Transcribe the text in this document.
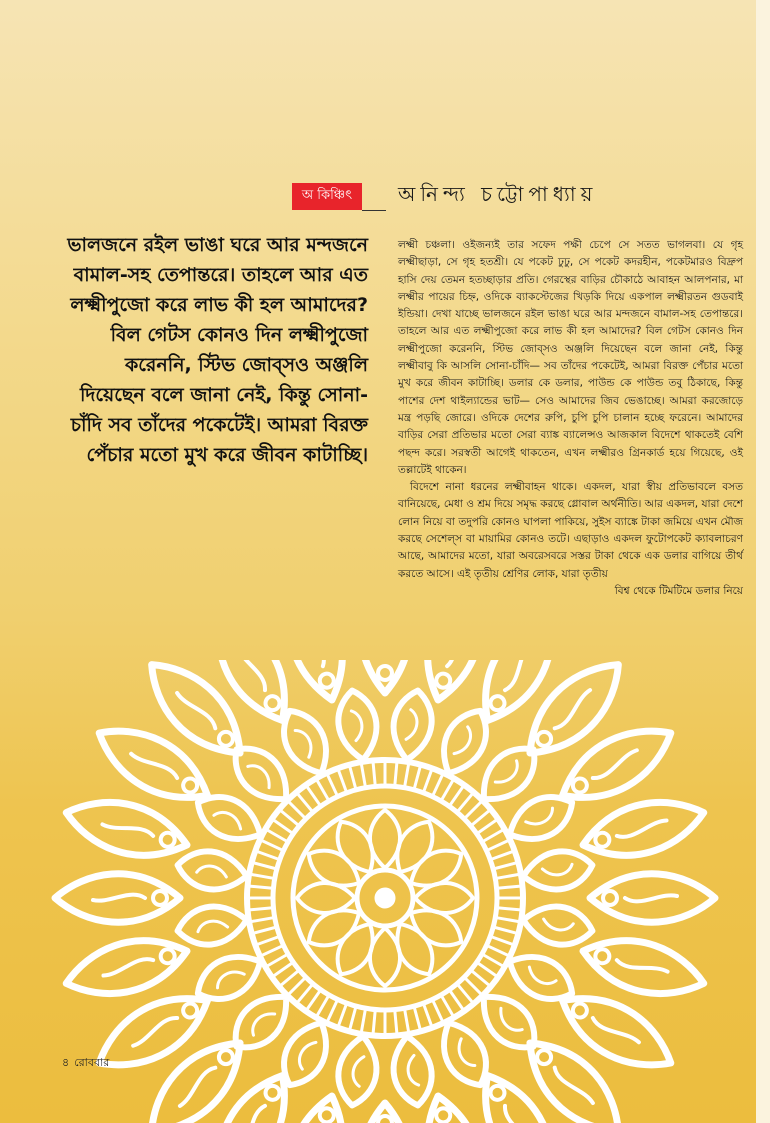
অ কিঞ্চিৎ	অনিন্দ্য চট্টোপাধ্যায়
ভালজনে রইল ভাঙা ঘরে আর মন্দজনে বামাল-সহ তেপান্তরে। তাহলে আর এত লক্ষ্মীপুজো করে লাভ কী হল আমাদের? বিল গেটস কোনও দিন লক্ষ্মীপুজো করেননি, স্টিভ জোব্‌সও অঞ্জলি দিয়েছেন বলে জানা নেই, কিন্তু সোনা-চাঁদি সব তাঁদের পকেটেই। আমরা বিরক্ত পেঁচার মতো মুখ করে জীবন কাটাচ্ছি।

লক্ষ্মী চঞ্চলা। ওইজন্যই তার সফেদ পক্ষী চেপে সে সতত ভাগলবা। যে গৃহ লক্ষ্মীছাড়া, সে গৃহ হতশ্রী। যে পকেট ঢুঢু, সে পকেট কদরহীন, পকেটমারও বিদ্রুপ হাসি দেয় তেমন হতচ্ছাড়ার প্রতি। গেরস্থের বাড়ির চৌকাঠে আবাহন আলপনার, মা লক্ষ্মীর পায়ের চিহ্ন, ওদিকে ব্যাকস্টেজের খিড়কি দিয়ে একপাল লক্ষ্মীরতন গুডবাই ইন্ডিয়া। দেখা যাচ্ছে ভালজনে রইল ভাঙা ঘরে আর মন্দজনে বামাল-সহ তেপান্তরে। তাহলে আর এত লক্ষ্মীপুজো করে লাভ কী হল আমাদের? বিল গেটস কোনও দিন লক্ষ্মীপুজো করেননি, স্টিভ জোব্‌সও অঞ্জলি দিয়েছেন বলে জানা নেই, কিন্তু লক্ষ্মীবাবু কি আসলি সোনা-চাঁদি— সব তাঁদের পকেটেই, আমরা বিরক্ত পেঁচার মতো মুখ করে জীবন কাটাচ্ছি। ডলার কে ডলার, পাউন্ড কে পাউন্ড তবু ঠিকাছে, কিন্তু পাশের দেশ থাইল্যান্ডের ভাট— সেও আমাদের জিব ভেঙাচ্ছে। আমরা করজোড়ে মন্ত্র পড়ছি জোরে। ওদিকে দেশের রুপি, চুপি চুপি চালান হচ্ছে ফরেনে। আমাদের বাড়ির সেরা প্রতিভার মতো সেরা ব্যাঙ্ক ব্যালেন্সও আজকাল বিদেশে থাকতেই বেশি পছন্দ করে। সরস্বতী আগেই থাকতেন, এখন লক্ষ্মীরও গ্রিনকার্ড হয়ে গিয়েছে, ওই তল্লাটেই থাকেন।

বিদেশে নানা ধরনের লক্ষ্মীবাহন থাকে। একদল, যারা স্বীয় প্রতিভাবলে বসত বানিয়েছে, মেধা ও শ্রম দিয়ে সমৃদ্ধ করছে গ্লোবাল অর্থনীতি। আর একদল, যারা দেশে লোন নিয়ে বা তদুপরি কোনও ঘাপলা পাকিয়ে, সুইস ব্যাঙ্কে টাকা জমিয়ে এখন মৌজ করছে সেশেল্‌স বা মায়ামির কোনও তটে। এছাড়াও একদল ফুটোপকেট ক্যাবলাচরণ আছে, আমাদের মতো, যারা অবরেসবরে সস্তর টাকা থেকে এক ডলার বাগিয়ে তীর্থ করতে আসে। এই তৃতীয় শ্রেণির লোক, যারা তৃতীয়

বিশ্ব থেকে টিমটিমে ডলার নিয়ে

৪ রোববার
